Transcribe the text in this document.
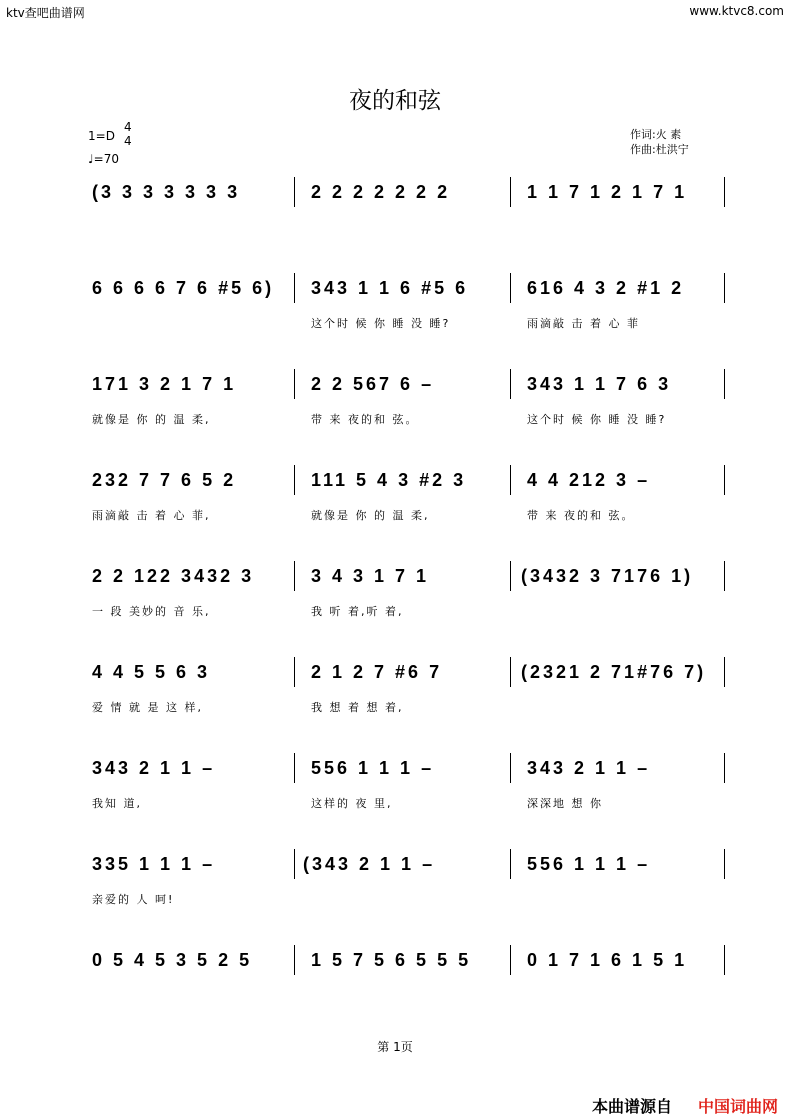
ktv查吧曲谱网	www.ktvc8.com
夜的和弦
1=D
4
4
♩=70
作词:火 素
作曲:杜洪宁
(3 3 3 3 3 3 3	2 2 2 2 2 2 2	1 1 7 1 2 1 7 1
6 6 6 6 7 6 #5 6) 343 1 1 6 #5 6	616 4 3 2 #1 2
这个时 候 你 睡 没 睡?	雨滴敲 击 着 心 菲
171 3 2 1 7 1	2 2 567 6 –	343 1 1 7 6 3
就像是 你 的 温 柔,	带 来 夜的和 弦。	这个时 候 你 睡 没 睡?
232 7 7 6 5 2	111 5 4 3 #2 3	4 4 212 3 –
雨滴敲 击 着 心 菲,	就像是 你 的 温 柔,	带 来 夜的和 弦。
2 2 122 3432 3	3 4 3 1 7 1	(3432 3 7176 1)
一 段 美妙的 音 乐,	我 听 着,听 着,
4 4 5 5 6 3	2 1 2 7 #6 7	(2321 2 71#76 7)
爱 情 就 是 这 样,	我 想 着 想 着,
343 2 1 1 –	556 1 1 1 –	343 2 1 1 –
我知 道,	这样的 夜 里,	深深地 想 你
335 1 1 1 –	(343 2 1 1 –	556 1 1 1 –
亲爱的 人 呵!
0 5 4 5 3 5 2 5	1 5 7 5 6 5 5 5	0 1 7 1 6 1 5 1
第 1页
本曲谱源自 中国词曲网
